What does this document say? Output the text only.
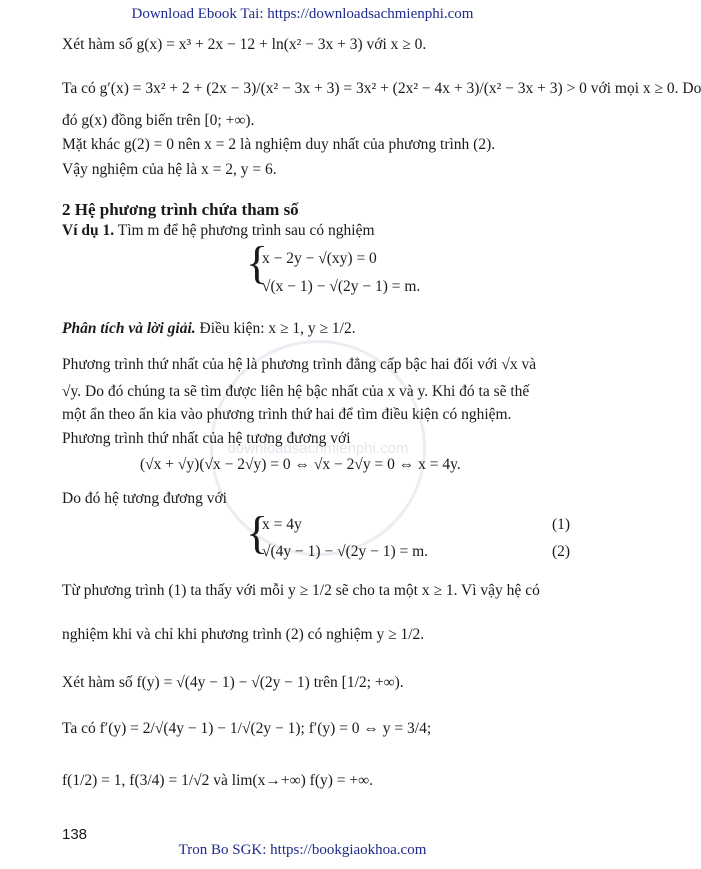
Download Ebook Tai: https://downloadsachmienphi.com
downloadsachmienphi.com
Xét hàm số g(x) = x³ + 2x − 12 + ln(x² − 3x + 3) với x ≥ 0.
Ta có g′(x) = 3x² + 2 + (2x − 3)/(x² − 3x + 3) = 3x² + (2x² − 4x + 3)/(x² − 3x + 3) > 0 với mọi x ≥ 0. Do
đó g(x) đồng biến trên [0; +∞).
Mặt khác g(2) = 0 nên x = 2 là nghiệm duy nhất của phương trình (2).
Vậy nghiệm của hệ là x = 2, y = 6.
2 Hệ phương trình chứa tham số
Ví dụ 1. Tìm m để hệ phương trình sau có nghiệm
{
x − 2y − √(xy) = 0
√(x − 1) − √(2y − 1) = m.
Phân tích và lời giải. Điều kiện: x ≥ 1, y ≥ 1/2.
Phương trình thứ nhất của hệ là phương trình đẳng cấp bậc hai đối với √x và
√y. Do đó chúng ta sẽ tìm được liên hệ bậc nhất của x và y. Khi đó ta sẽ thế
một ẩn theo ẩn kia vào phương trình thứ hai để tìm điều kiện có nghiệm.
Phương trình thứ nhất của hệ tương đương với
(√x + √y)(√x − 2√y) = 0 ⇔ √x − 2√y = 0 ⇔ x = 4y.
Do đó hệ tương đương với
{
x = 4y	(1)
√(4y − 1) − √(2y − 1) = m.	(2)
Từ phương trình (1) ta thấy với mỗi y ≥ 1/2 sẽ cho ta một x ≥ 1. Vì vậy hệ có
nghiệm khi và chỉ khi phương trình (2) có nghiệm y ≥ 1/2.
Xét hàm số f(y) = √(4y − 1) − √(2y − 1) trên [1/2; +∞).
Ta có f′(y) = 2/√(4y − 1) − 1/√(2y − 1); f′(y) = 0 ⇔ y = 3/4;
f(1/2) = 1, f(3/4) = 1/√2 và lim(x→+∞) f(y) = +∞.
138
Tron Bo SGK: https://bookgiaokhoa.com
